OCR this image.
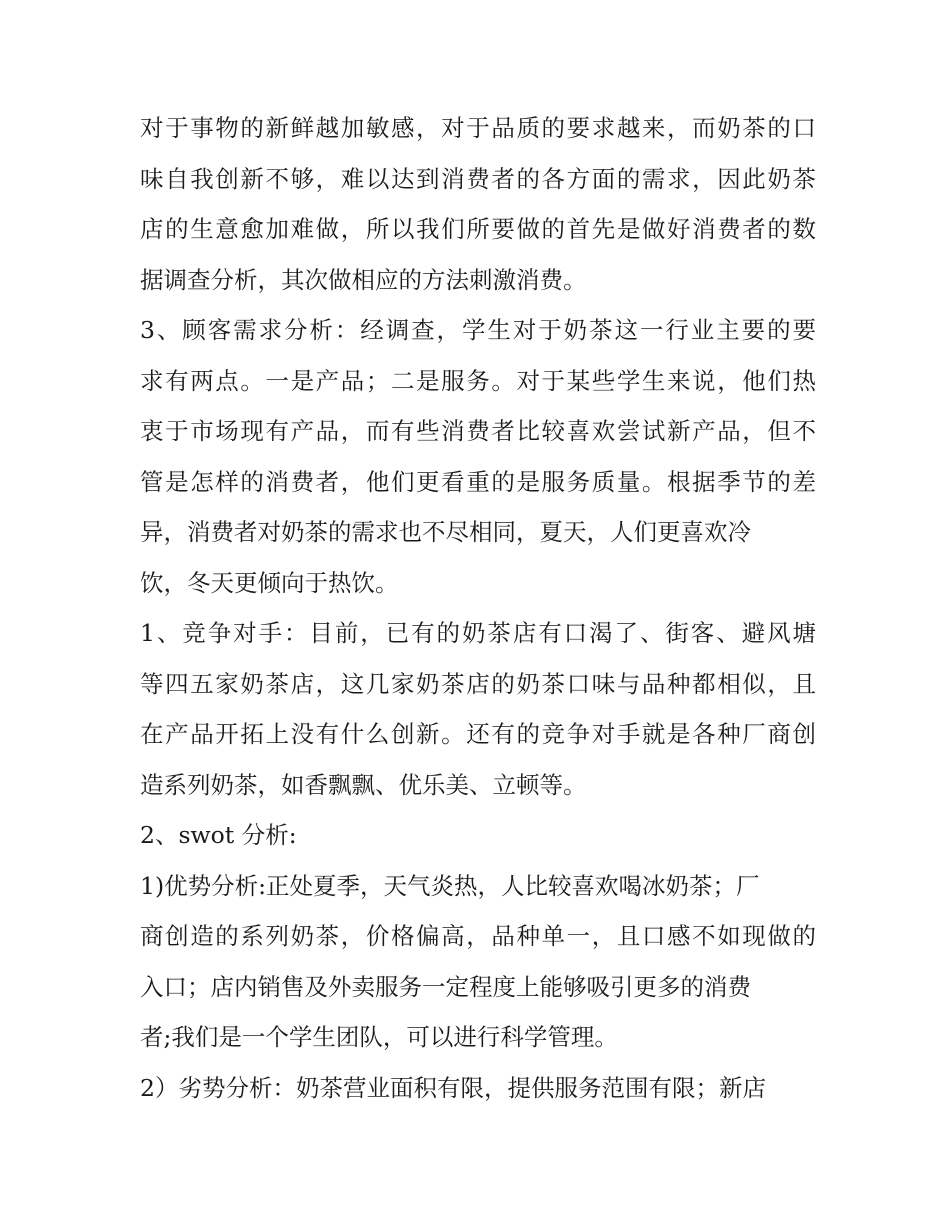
对于事物的新鲜越加敏感，对于品质的要求越来，而奶茶的口
味自我创新不够，难以达到消费者的各方面的需求，因此奶茶
店的生意愈加难做，所以我们所要做的首先是做好消费者的数
据调查分析，其次做相应的方法刺激消费。
3、顾客需求分析：经调查，学生对于奶茶这一行业主要的要
求有两点。一是产品；二是服务。对于某些学生来说，他们热
衷于市场现有产品，而有些消费者比较喜欢尝试新产品，但不
管是怎样的消费者，他们更看重的是服务质量。根据季节的差
异，消费者对奶茶的需求也不尽相同，夏天，人们更喜欢冷
饮，冬天更倾向于热饮。
1、竞争对手：目前，已有的奶茶店有口渴了、街客、避风塘
等四五家奶茶店，这几家奶茶店的奶茶口味与品种都相似，且
在产品开拓上没有什么创新。还有的竞争对手就是各种厂商创
造系列奶茶，如香飘飘、优乐美、立顿等。
2、swot 分析:
1)优势分析:正处夏季，天气炎热，人比较喜欢喝冰奶茶；厂
商创造的系列奶茶，价格偏高，品种单一，且口感不如现做的
入口；店内销售及外卖服务一定程度上能够吸引更多的消费
者;我们是一个学生团队，可以进行科学管理。
2）劣势分析：奶茶营业面积有限，提供服务范围有限；新店
